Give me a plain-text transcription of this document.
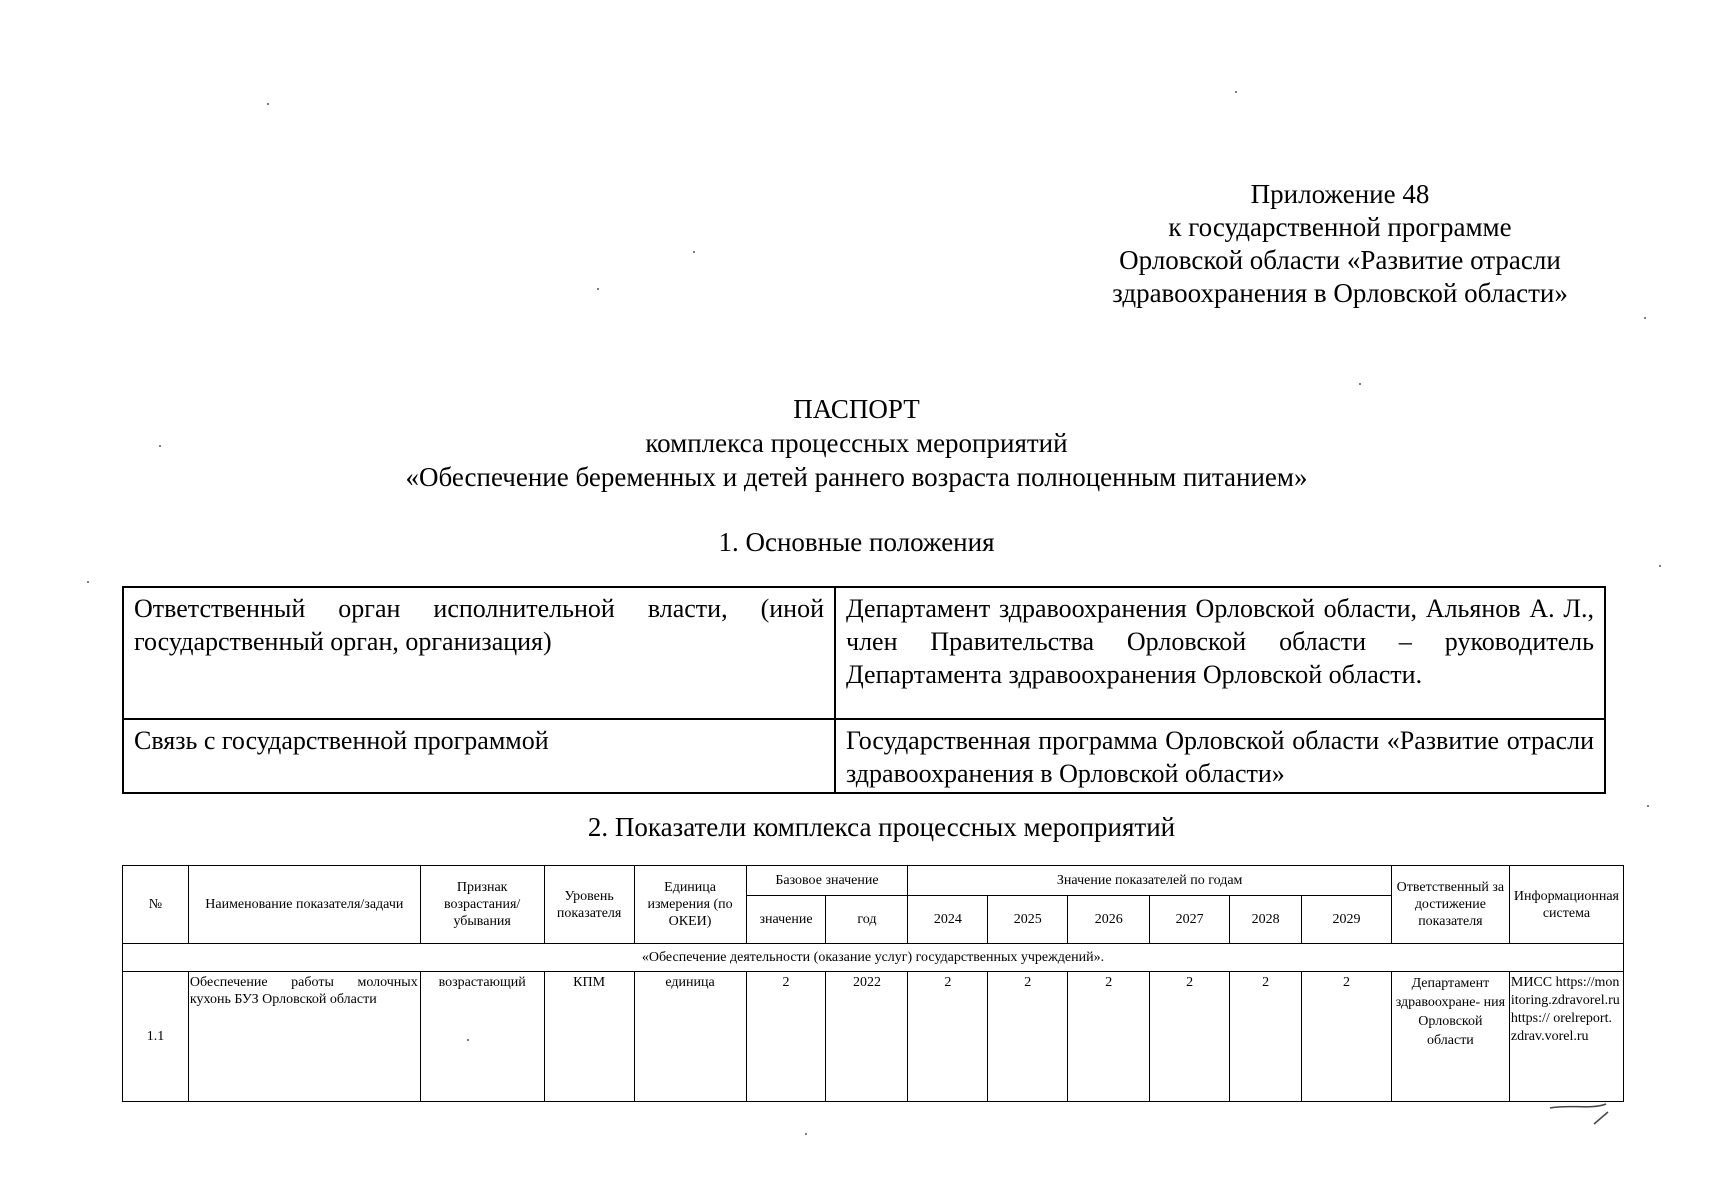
Приложение 48
к государственной программе
Орловской области «Развитие отрасли
здравоохранения в Орловской области»
ПАСПОРТ
комплекса процессных мероприятий
«Обеспечение беременных и детей раннего возраста полноценным питанием»
1. Основные положения
Ответственный орган исполнительной власти, (иной государственный орган, организация)	Департамент здравоохранения Орловской области, Альянов А. Л., член Правительства Орловской области – руководитель Департамента здравоохранения Орловской области.
Связь с государственной программой	Государственная программа Орловской области «Развитие отрасли здравоохранения в Орловской области»
2. Показатели комплекса процессных мероприятий
№	Наименование показателя/задачи	Признак возрастания/ убывания	Уровень показателя	Единица измерения (по ОКЕИ)	Базовое значение		Значение показателей по годам						Ответственный за достижение показателя	Информационная система
					значение	год	2024	2025	2026	2027	2028	2029		
«Обеспечение деятельности (оказание услуг) государственных учреждений».														
1.1	Обеспечение работы молочных кухонь БУЗ Орловской области	возрастающий	КПМ	единица	2	2022	2	2	2	2	2	2	Департамент здравоохране- ния Орловской области	МИСС https://monitoring.zdravorel.ru https:// orelreport. zdrav.vorel.ru
